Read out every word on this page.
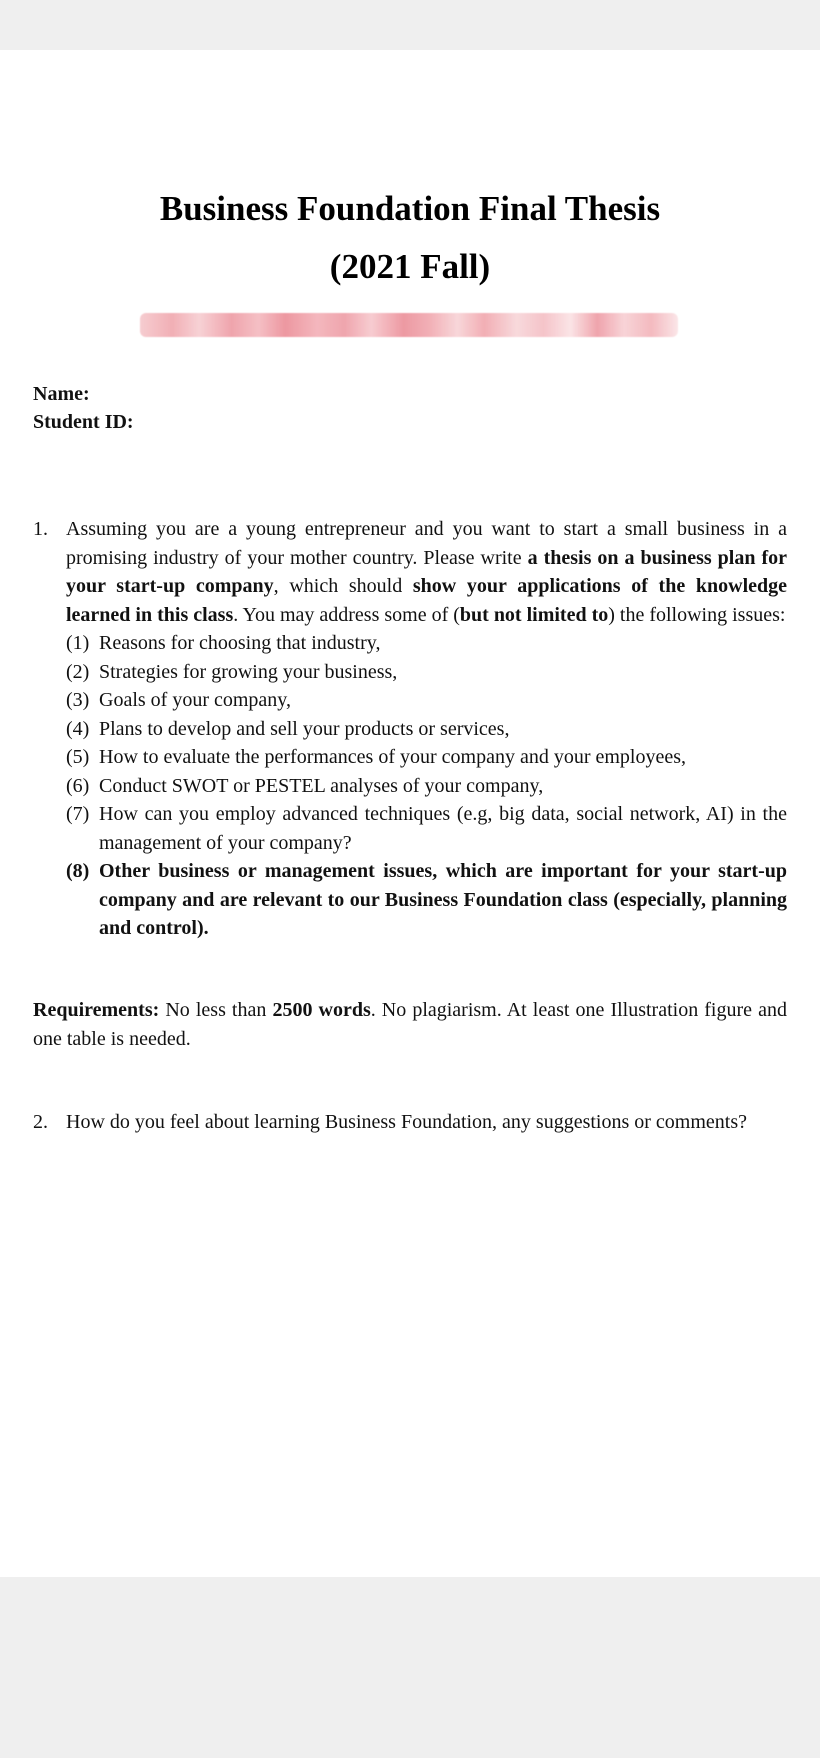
Business Foundation Final Thesis
(2021 Fall)
Name:
Student ID:
1. Assuming you are a young entrepreneur and you want to start a small business in a promising industry of your mother country. Please write a thesis on a business plan for your start-up company, which should show your applications of the knowledge learned in this class. You may address some of (but not limited to) the following issues:
(1) Reasons for choosing that industry,
(2) Strategies for growing your business,
(3) Goals of your company,
(4) Plans to develop and sell your products or services,
(5) How to evaluate the performances of your company and your employees,
(6) Conduct SWOT or PESTEL analyses of your company,
(7) How can you employ advanced techniques (e.g, big data, social network, AI) in the management of your company?
(8) Other business or management issues, which are important for your start-up company and are relevant to our Business Foundation class (especially, planning and control).
Requirements: No less than 2500 words. No plagiarism. At least one Illustration figure and one table is needed.
2. How do you feel about learning Business Foundation, any suggestions or comments?
